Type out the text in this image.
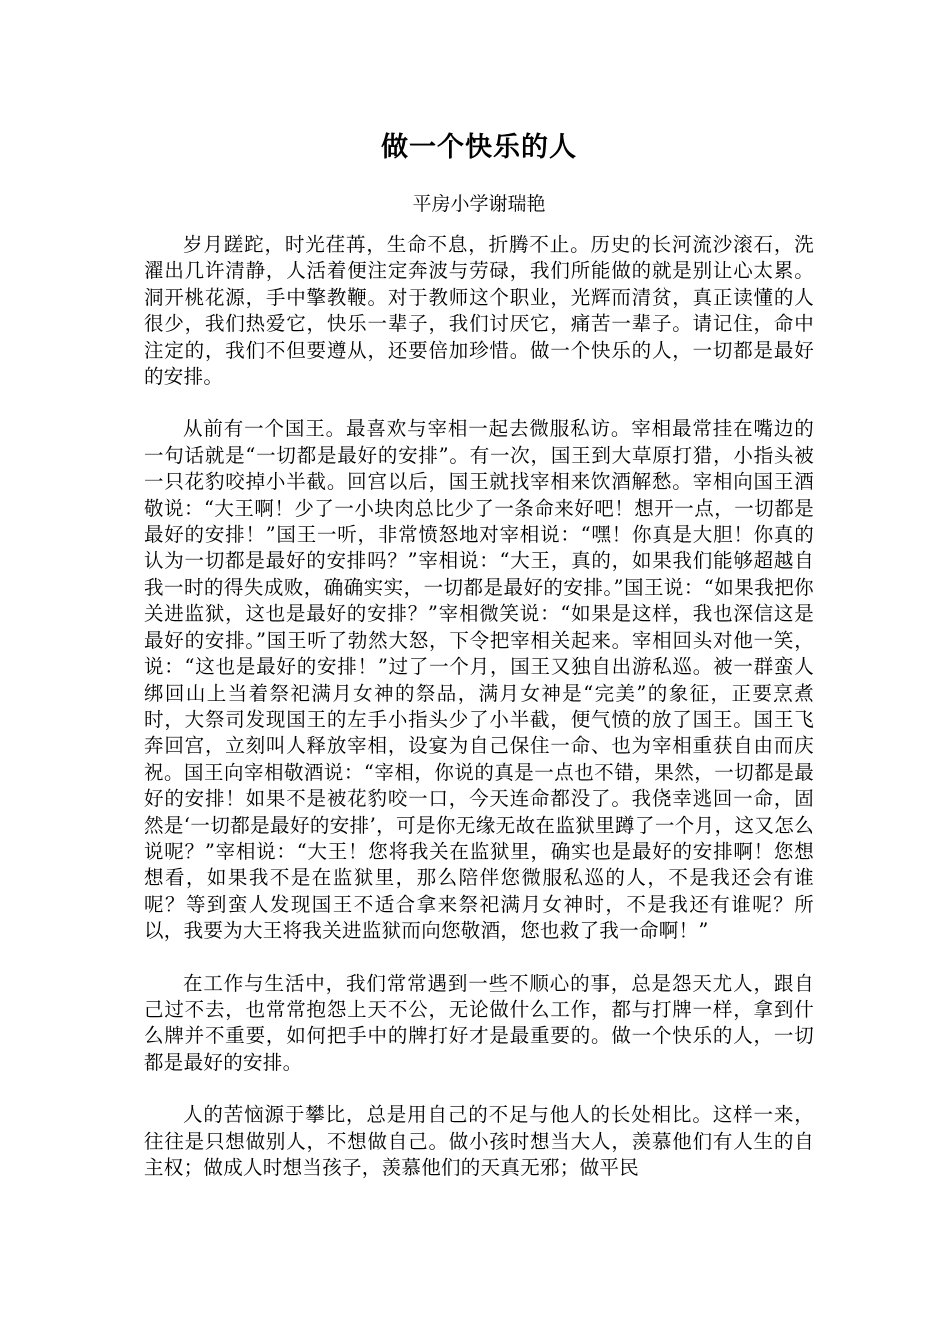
做一个快乐的人
平房小学谢瑞艳

岁月蹉跎，时光荏苒，生命不息，折腾不止。历史的长河流沙滚石，洗濯出几许清静，人活着便注定奔波与劳碌，我们所能做的就是别让心太累。洞开桃花源，手中擎教鞭。对于教师这个职业，光辉而清贫，真正读懂的人很少，我们热爱它，快乐一辈子，我们讨厌它，痛苦一辈子。请记住，命中注定的，我们不但要遵从，还要倍加珍惜。做一个快乐的人，一切都是最好的安排。

从前有一个国王。最喜欢与宰相一起去微服私访。宰相最常挂在嘴边的一句话就是“一切都是最好的安排”。有一次，国王到大草原打猎，小指头被一只花豹咬掉小半截。回宫以后，国王就找宰相来饮酒解愁。宰相向国王酒敬说：“大王啊！少了一小块肉总比少了一条命来好吧！想开一点，一切都是最好的安排！”国王一听，非常愤怒地对宰相说：“嘿！你真是大胆！你真的认为一切都是最好的安排吗？”宰相说：“大王，真的，如果我们能够超越自我一时的得失成败，确确实实，一切都是最好的安排。”国王说：“如果我把你关进监狱，这也是最好的安排？”宰相微笑说：“如果是这样，我也深信这是最好的安排。”国王听了勃然大怒，下令把宰相关起来。宰相回头对他一笑，说：“这也是最好的安排！”过了一个月，国王又独自出游私巡。被一群蛮人绑回山上当着祭祀满月女神的祭品，满月女神是“完美”的象征，正要烹煮时，大祭司发现国王的左手小指头少了小半截，便气愤的放了国王。国王飞奔回宫，立刻叫人释放宰相，设宴为自己保住一命、也为宰相重获自由而庆祝。国王向宰相敬酒说：“宰相，你说的真是一点也不错，果然，一切都是最好的安排！如果不是被花豹咬一口，今天连命都没了。我侥幸逃回一命，固然是‘一切都是最好的安排’，可是你无缘无故在监狱里蹲了一个月，这又怎么说呢？”宰相说：“大王！您将我关在监狱里，确实也是最好的安排啊！您想想看，如果我不是在监狱里，那么陪伴您微服私巡的人，不是我还会有谁呢？等到蛮人发现国王不适合拿来祭祀满月女神时，不是我还有谁呢？所以，我要为大王将我关进监狱而向您敬酒，您也救了我一命啊！”

在工作与生活中，我们常常遇到一些不顺心的事，总是怨天尤人，跟自己过不去，也常常抱怨上天不公，无论做什么工作，都与打牌一样，拿到什么牌并不重要，如何把手中的牌打好才是最重要的。做一个快乐的人，一切都是最好的安排。

人的苦恼源于攀比，总是用自己的不足与他人的长处相比。这样一来，往往是只想做别人，不想做自己。做小孩时想当大人，羡慕他们有人生的自主权；做成人时想当孩子，羡慕他们的天真无邪；做平民
